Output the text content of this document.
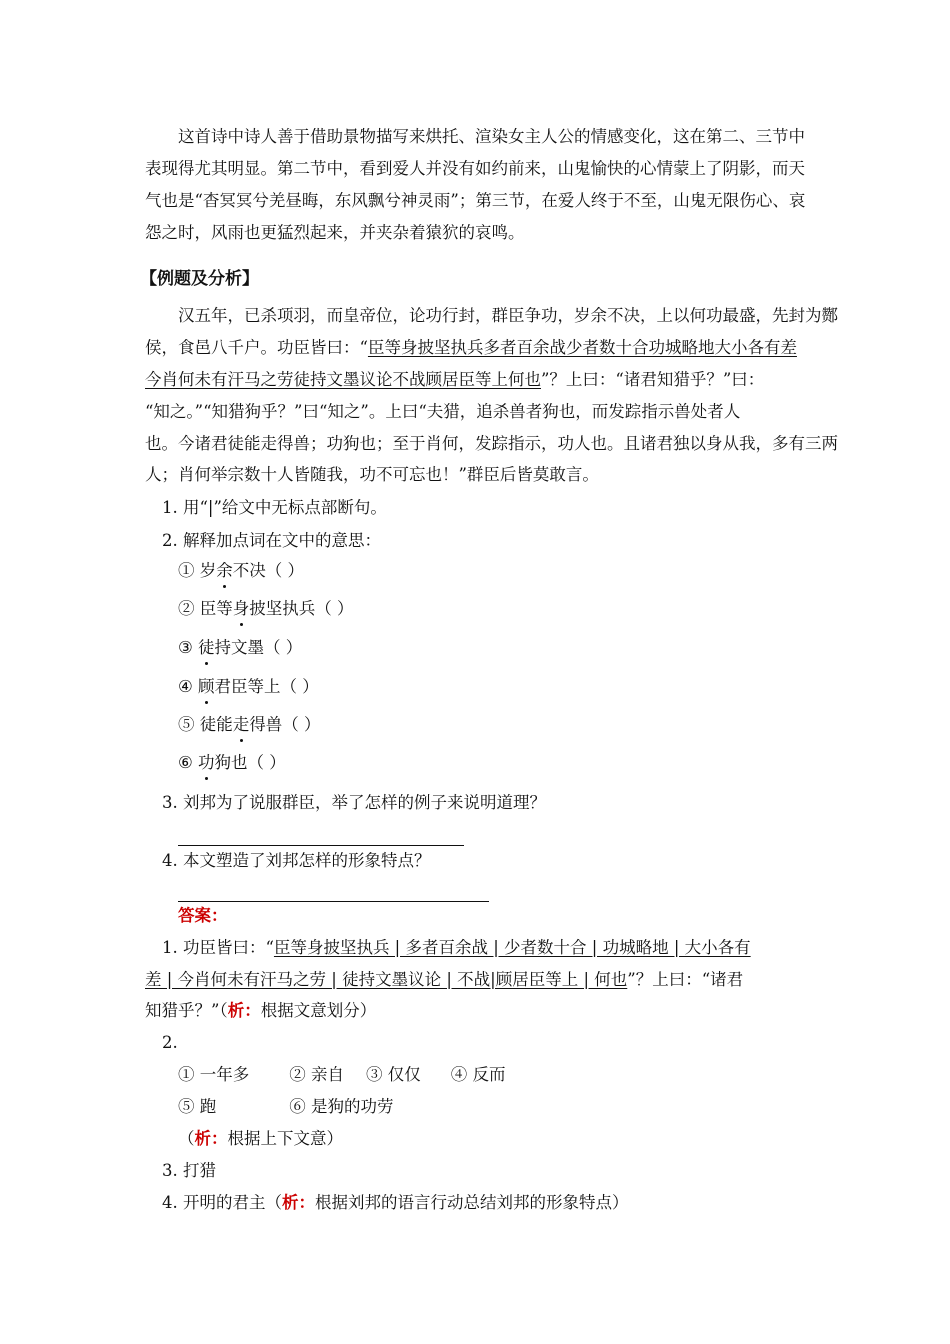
这首诗中诗人善于借助景物描写来烘托、渲染女主人公的情感变化，这在第二、三节中
表现得尤其明显。第二节中，看到爱人并没有如约前来，山鬼愉快的心情蒙上了阴影，而天
气也是“杳冥冥兮羌昼晦，东风飘兮神灵雨”；第三节，在爱人终于不至，山鬼无限伤心、哀
怨之时，风雨也更猛烈起来，并夹杂着猿狖的哀鸣。
【例题及分析】
汉五年，已杀项羽，而皇帝位，论功行封，群臣争功，岁余不决，上以何功最盛，先封为酂
侯，食邑八千户。功臣皆曰：“臣等身披坚执兵多者百余战少者数十合功城略地大小各有差
今肖何未有汗马之劳徒持文墨议论不战顾居臣等上何也”？上曰：“诸君知猎乎？”曰：
“知之。”“知猎狗乎？”曰“知之”。上曰“夫猎，追杀兽者狗也，而发踪指示兽处者人
也。今诸君徒能走得兽；功狗也；至于肖何，发踪指示，功人也。且诸君独以身从我，多有三两
人；肖何举宗数十人皆随我，功不可忘也！”群臣后皆莫敢言。
1. 用“|”给文中无标点部断句。
2. 解释加点词在文中的意思：
① 岁余不决（ ）
② 臣等身披坚执兵（ ）
③ 徒持文墨（ ）
④ 顾君臣等上（ ）
⑤ 徒能走得兽（ ）
⑥ 功狗也（ ）
3. 刘邦为了说服群臣，举了怎样的例子来说明道理？
4. 本文塑造了刘邦怎样的形象特点？
答案：
1. 功臣皆曰：“臣等身披坚执兵 | 多者百余战 | 少者数十合 | 功城略地 | 大小各有
差 | 今肖何未有汗马之劳 | 徒持文墨议论 | 不战|顾居臣等上 | 何也”？上曰：“诸君
知猎乎？”（析：根据文意划分）
2.
① 一年多 ② 亲自 ③ 仅仅 ④ 反而
⑤ 跑	⑥ 是狗的功劳
（析：根据上下文意）
3. 打猎
4. 开明的君主（析：根据刘邦的语言行动总结刘邦的形象特点）
